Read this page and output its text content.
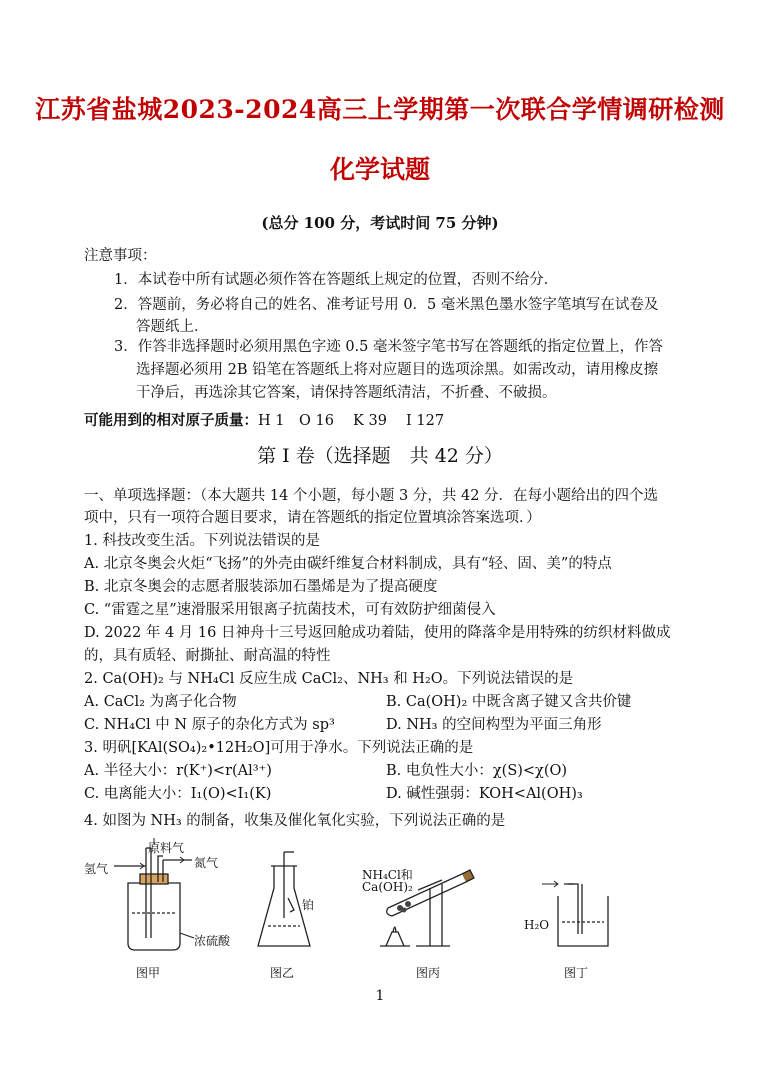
江苏省盐城2023-2024高三上学期第一次联合学情调研检测
化学试题
(总分 100 分，考试时间 75 分钟)
注意事项：
1．本试卷中所有试题必须作答在答题纸上规定的位置，否则不给分．
2．答题前，务必将自己的姓名、准考证号用 0．5 毫米黑色墨水签字笔填写在试卷及
答题纸上．
3．作答非选择题时必须用黑色字迹 0.5 毫米签字笔书写在答题纸的指定位置上，作答
选择题必须用 2B 铅笔在答题纸上将对应题目的选项涂黑。如需改动，请用橡皮擦
干净后，再选涂其它答案，请保持答题纸清洁，不折叠、不破损。
可能用到的相对原子质量：H 1　O 16　 K 39　 I 127
第 I 卷（选择题　共 42 分）
一、单项选择题：（本大题共 14 个小题，每小题 3 分，共 42 分．在每小题给出的四个选
项中，只有一项符合题目要求，请在答题纸的指定位置填涂答案选项．）
1. 科技改变生活。下列说法错误的是
A. 北京冬奥会火炬“飞扬”的外壳由碳纤维复合材料制成，具有“轻、固、美”的特点
B. 北京冬奥会的志愿者服装添加石墨烯是为了提高硬度
C. “雷霆之星”速滑服采用银离子抗菌技术，可有效防护细菌侵入
D. 2022 年 4 月 16 日神舟十三号返回舱成功着陆，使用的降落伞是用特殊的纺织材料做成
的，具有质轻、耐撕扯、耐高温的特性
2. Ca(OH)₂ 与 NH₄Cl 反应生成 CaCl₂、NH₃ 和 H₂O。下列说法错误的是
A. CaCl₂ 为离子化合物	B. Ca(OH)₂ 中既含离子键又含共价键
C. NH₄Cl 中 N 原子的杂化方式为 sp³	D. NH₃ 的空间构型为平面三角形
3. 明矾[KAl(SO₄)₂•12H₂O]可用于净水。下列说法正确的是
A. 半径大小：r(K⁺)<r(Al³⁺)	B. 电负性大小：χ(S)<χ(O)
C. 电离能大小：I₁(O)<I₁(K)	D. 碱性强弱：KOH<Al(OH)₃
4. 如图为 NH₃ 的制备，收集及催化氧化实验，下列说法正确的是
原料气
氢气	氮气
浓硫酸
图甲
铂
图乙
NH₄Cl和
Ca(OH)₂
图丙
H₂O
图丁
1
